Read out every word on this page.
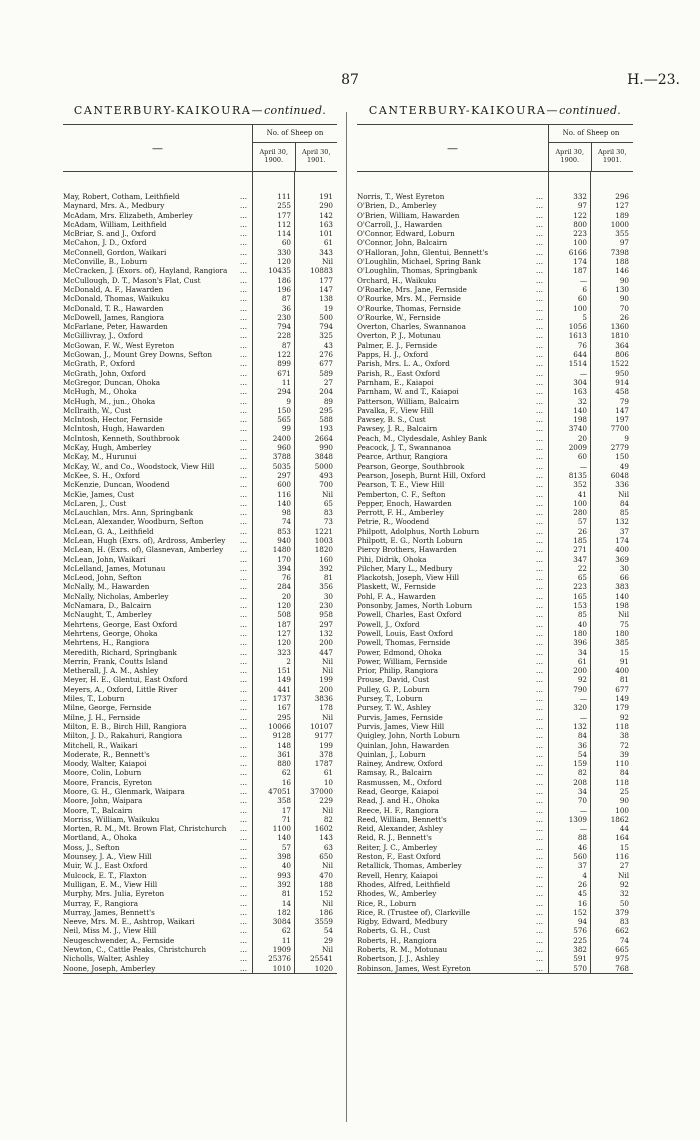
87	H.—23.
CANTERBURY-KAIKOURA—continued.
—
No. of Sheep on
April 30, 1900.
April 30, 1901.
May, Robert, Cotham, Leithfield …	111	191
Maynard, Mrs. A., Medbury …	255	290
McAdam, Mrs. Elizabeth, Amberley …	177	142
McAdam, William, Leithfield …	112	163
McBriar, S. and J., Oxford …	114	101
McCahon, J. D., Oxford …	60	61
McConnell, Gordon, Waikari …	330	343
McConville, B., Loburn …	120	Nil
McCracken, J. (Exors. of), Hayland, Rangiora …	10435	10883
McCullough, D. T., Mason's Flat, Cust …	186	177
McDonald, A. F., Hawarden …	196	147
McDonald, Thomas, Waikuku …	87	138
McDonald, T. R., Hawarden …	36	19
McDowell, James, Rangiora …	230	500
McFarlane, Peter, Hawarden …	794	794
McGillivray, J., Oxford …	228	325
McGowan, F. W., West Eyreton …	87	43
McGowan, J., Mount Grey Downs, Sefton …	122	276
McGrath, P., Oxford …	899	677
McGrath, John, Oxford …	671	589
McGregor, Duncan, Ohoka …	11	27
McHugh, M., Ohoka …	294	204
McHugh, M., jun., Ohoka …	9	89
McIlraith, W., Cust …	150	295
McIntosh, Hector, Fernside …	565	588
McIntosh, Hugh, Hawarden …	99	193
McIntosh, Kenneth, Southbrook …	2400	2664
McKay, Hugh, Amberley …	960	990
McKay, M., Hurunui …	3788	3848
McKay, W., and Co., Woodstock, View Hill …	5035	5000
McKee, S. H., Oxford …	297	493
McKenzie, Duncan, Woodend …	600	700
McKie, James, Cust …	116	Nil
McLaren, J., Cust …	140	65
McLauchlan, Mrs. Ann, Springbank …	98	83
McLean, Alexander, Woodburn, Sefton …	74	73
McLean, G. A., Leithfield …	853	1221
McLean, Hugh (Exrs. of), Ardross, Amberley …	940	1003
McLean, H. (Exrs. of), Glasnevan, Amberley …	1480	1820
McLean, John, Waikari …	170	160
McLelland, James, Motunau …	394	392
McLeod, John, Sefton …	76	81
McNally, M., Hawarden …	284	356
McNally, Nicholas, Amberley …	20	30
McNamara, D., Balcairn …	120	230
McNaught, T., Amberley …	508	958
Mehrtens, George, East Oxford …	187	297
Mehrtens, George, Ohoka …	127	132
Mehrtens, H., Rangiora …	120	200
Meredith, Richard, Springbank …	323	447
Merrin, Frank, Coutts Island …	2	Nil
Metherall, J. A. M., Ashley …	151	Nil
Meyer, H. E., Glentui, East Oxford …	149	199
Meyers, A., Oxford, Little River …	441	200
Miles, T., Loburn …	1737	3836
Milne, George, Fernside …	167	178
Milne, J. H., Fernside …	295	Nil
Milton, E. B., Birch Hill, Rangiora …	10066	10107
Milton, J. D., Rakahuri, Rangiora …	9128	9177
Mitchell, R., Waikari …	148	199
Moderate, R., Bennett's …	361	378
Moody, Walter, Kaiapoi …	880	1787
Moore, Colin, Loburn …	62	61
Moore, Francis, Eyreton …	16	10
Moore, G. H., Glenmark, Waipara …	47051	37000
Moore, John, Waipara …	358	229
Moore, T., Balcairn …	17	Nil
Morriss, William, Waikuku …	71	82
Morten, R. M., Mt. Brown Flat, Christchurch …	1100	1602
Mortland, A., Ohoka …	140	143
Moss, J., Sefton …	57	63
Mounsey, J. A., View Hill …	398	650
Muir, W. J., East Oxford …	40	Nil
Mulcock, E. T., Flaxton …	993	470
Mulligan, E. M., View Hill …	392	188
Murphy, Mrs. Julia, Eyreton …	81	152
Murray, F., Rangiora …	14	Nil
Murray, James, Bennett's …	182	186
Neeve, Mrs. M. E., Ashtrop, Waikari …	3084	3559
Neil, Miss M. J., View Hill …	62	54
Neugeschwender, A., Fernside …	11	29
Newton, C., Cattle Peaks, Christchurch …	1909	Nil
Nicholls, Walter, Ashley …	25376	25541
Noone, Joseph, Amberley …	1010	1020
CANTERBURY-KAIKOURA—continued.
—
No. of Sheep on
April 30, 1900.
April 30, 1901.
Norris, T., West Eyreton …	332	296
O'Brien, D., Amberley …	97	127
O'Brien, William, Hawarden …	122	189
O'Carroll, J., Hawarden …	800	1000
O'Connor, Edward, Loburn …	223	355
O'Connor, John, Balcairn …	100	97
O'Halloran, John, Glentui, Bennett's …	6166	7398
O'Loughlin, Michael, Spring Bank …	174	188
O'Loughlin, Thomas, Springbank …	187	146
Orchard, H., Waikuku …	—	90
O'Roarke, Mrs. Jane, Fernside …	6	130
O'Rourke, Mrs. M., Fernside …	60	90
O'Rourke, Thomas, Fernside …	100	70
O'Rourke, W., Fernside …	5	26
Overton, Charles, Swannanoa …	1056	1360
Overton, P. J., Motunau …	1613	1810
Palmer, E. J., Fernside …	76	364
Papps, H. J., Oxford …	644	806
Parish, Mrs. L. A., Oxford …	1514	1522
Parish, R., East Oxford …	—	950
Parnham, E., Kaiapoi …	304	914
Parnham, W. and T., Kaiapoi …	163	458
Patterson, William, Balcairn …	32	79
Pavalka, F., View Hill …	140	147
Pawsey, B. S., Cust …	198	197
Pawsey, J. R., Balcairn …	3740	7700
Peach, M., Clydesdale, Ashley Bank …	20	9
Peacock, J. T., Swannanoa …	2009	2779
Pearce, Arthur, Rangiora …	60	150
Pearson, George, Southbrook …	—	49
Pearson, Joseph, Burnt Hill, Oxford …	8135	6048
Pearson, T. E., View Hill …	352	336
Pemberton, C. F., Sefton …	41	Nil
Pepper, Enoch, Hawarden …	100	84
Perrott, F. H., Amberley …	280	85
Petrie, R., Woodend …	57	132
Philpott, Adolphus, North Loburn …	26	37
Philpott, E. G., North Loburn …	185	174
Piercy Brothers, Hawarden …	271	400
Pihi, Didrik, Ohoka …	347	369
Pilcher, Mary L., Medbury …	22	30
Plackotsh, Joseph, View Hill …	65	66
Plaskett, W., Fernside …	223	383
Pohl, F. A., Hawarden …	165	140
Ponsonby, James, North Loburn …	153	198
Powell, Charles, East Oxford …	85	Nil
Powell, J., Oxford …	40	75
Powell, Louis, East Oxford …	180	180
Powell, Thomas, Fernside …	396	385
Power, Edmond, Ohoka …	34	15
Power, William, Fernside …	61	91
Prior, Philip, Rangiora …	200	400
Prouse, David, Cust …	92	81
Pulley, G. P., Loburn …	790	677
Pursey, T., Loburn …	—	149
Pursey, T. W., Ashley …	320	179
Purvis, James, Fernside …	—	92
Purvis, James, View Hill …	132	118
Quigley, John, North Loburn …	84	38
Quinlan, John, Hawarden …	36	72
Quinlan, J., Loburn …	54	39
Rainey, Andrew, Oxford …	159	110
Ramsay, R., Balcairn …	82	84
Rasmussen, M., Oxford …	208	118
Read, George, Kaiapoi …	34	25
Read, J. and H., Ohoka …	70	90
Reece, H. F., Rangiora …	—	100
Reed, William, Bennett's …	1309	1862
Reid, Alexander, Ashley …	—	44
Reid, R. J., Bennett's …	88	164
Reiter, J. C., Amberley …	46	15
Reston, F., East Oxford …	560	116
Retallick, Thomas, Amberley …	37	27
Revell, Henry, Kaiapoi …	4	Nil
Rhodes, Alfred, Leithfield …	26	92
Rhodes, W., Amberley …	45	32
Rice, R., Loburn …	16	50
Rice, R. (Trustee of), Clarkville …	152	379
Rigby, Edward, Medbury …	94	83
Roberts, G. H., Cust …	576	662
Roberts, H., Rangiora …	225	74
Roberts, R. M., Motunau …	382	665
Robertson, J. J., Ashley …	591	975
Robinson, James, West Eyreton …	570	768
